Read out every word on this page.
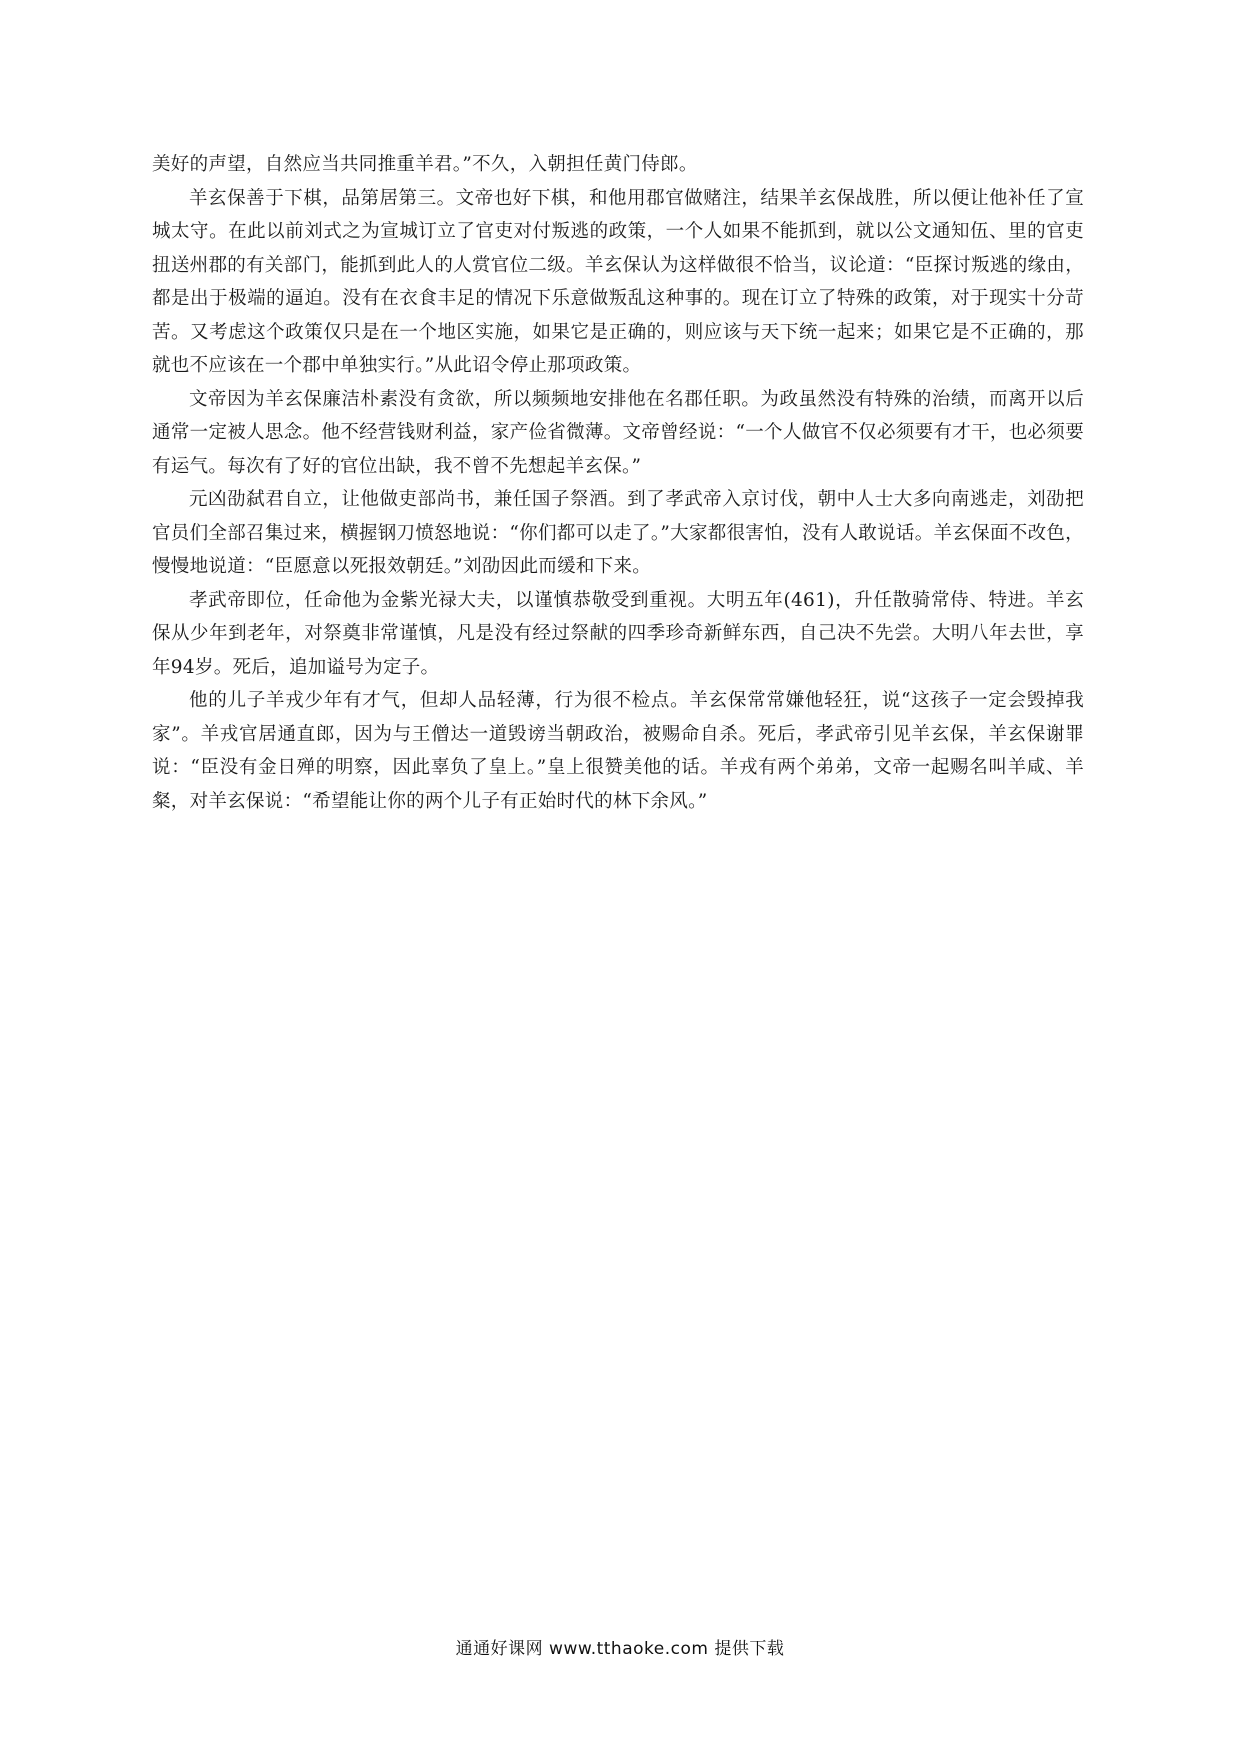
美好的声望，自然应当共同推重羊君。”不久，入朝担任黄门侍郎。

羊玄保善于下棋，品第居第三。文帝也好下棋，和他用郡官做赌注，结果羊玄保战胜，所以便让他补任了宣城太守。在此以前刘式之为宣城订立了官吏对付叛逃的政策，一个人如果不能抓到，就以公文通知伍、里的官吏扭送州郡的有关部门，能抓到此人的人赏官位二级。羊玄保认为这样做很不恰当，议论道：“臣探讨叛逃的缘由，都是出于极端的逼迫。没有在衣食丰足的情况下乐意做叛乱这种事的。现在订立了特殊的政策，对于现实十分苛苦。又考虑这个政策仅只是在一个地区实施，如果它是正确的，则应该与天下统一起来；如果它是不正确的，那就也不应该在一个郡中单独实行。”从此诏令停止那项政策。

文帝因为羊玄保廉洁朴素没有贪欲，所以频频地安排他在名郡任职。为政虽然没有特殊的治绩，而离开以后通常一定被人思念。他不经营钱财利益，家产俭省微薄。文帝曾经说：“一个人做官不仅必须要有才干，也必须要有运气。每次有了好的官位出缺，我不曾不先想起羊玄保。”

元凶劭弑君自立，让他做吏部尚书，兼任国子祭酒。到了孝武帝入京讨伐，朝中人士大多向南逃走，刘劭把官员们全部召集过来，横握钢刀愤怒地说：“你们都可以走了。”大家都很害怕，没有人敢说话。羊玄保面不改色，慢慢地说道：“臣愿意以死报效朝廷。”刘劭因此而缓和下来。

孝武帝即位，任命他为金紫光禄大夫，以谨慎恭敬受到重视。大明五年(461)，升任散骑常侍、特进。羊玄保从少年到老年，对祭奠非常谨慎，凡是没有经过祭献的四季珍奇新鲜东西，自己决不先尝。大明八年去世，享年94岁。死后，追加谥号为定子。

他的儿子羊戎少年有才气，但却人品轻薄，行为很不检点。羊玄保常常嫌他轻狂，说“这孩子一定会毁掉我家”。羊戎官居通直郎，因为与王僧达一道毁谤当朝政治，被赐命自杀。死后，孝武帝引见羊玄保，羊玄保谢罪说：“臣没有金日殚的明察，因此辜负了皇上。”皇上很赞美他的话。羊戎有两个弟弟，文帝一起赐名叫羊咸、羊粲，对羊玄保说：“希望能让你的两个儿子有正始时代的林下余风。”

通通好课网 www.tthaoke.com 提供下载
